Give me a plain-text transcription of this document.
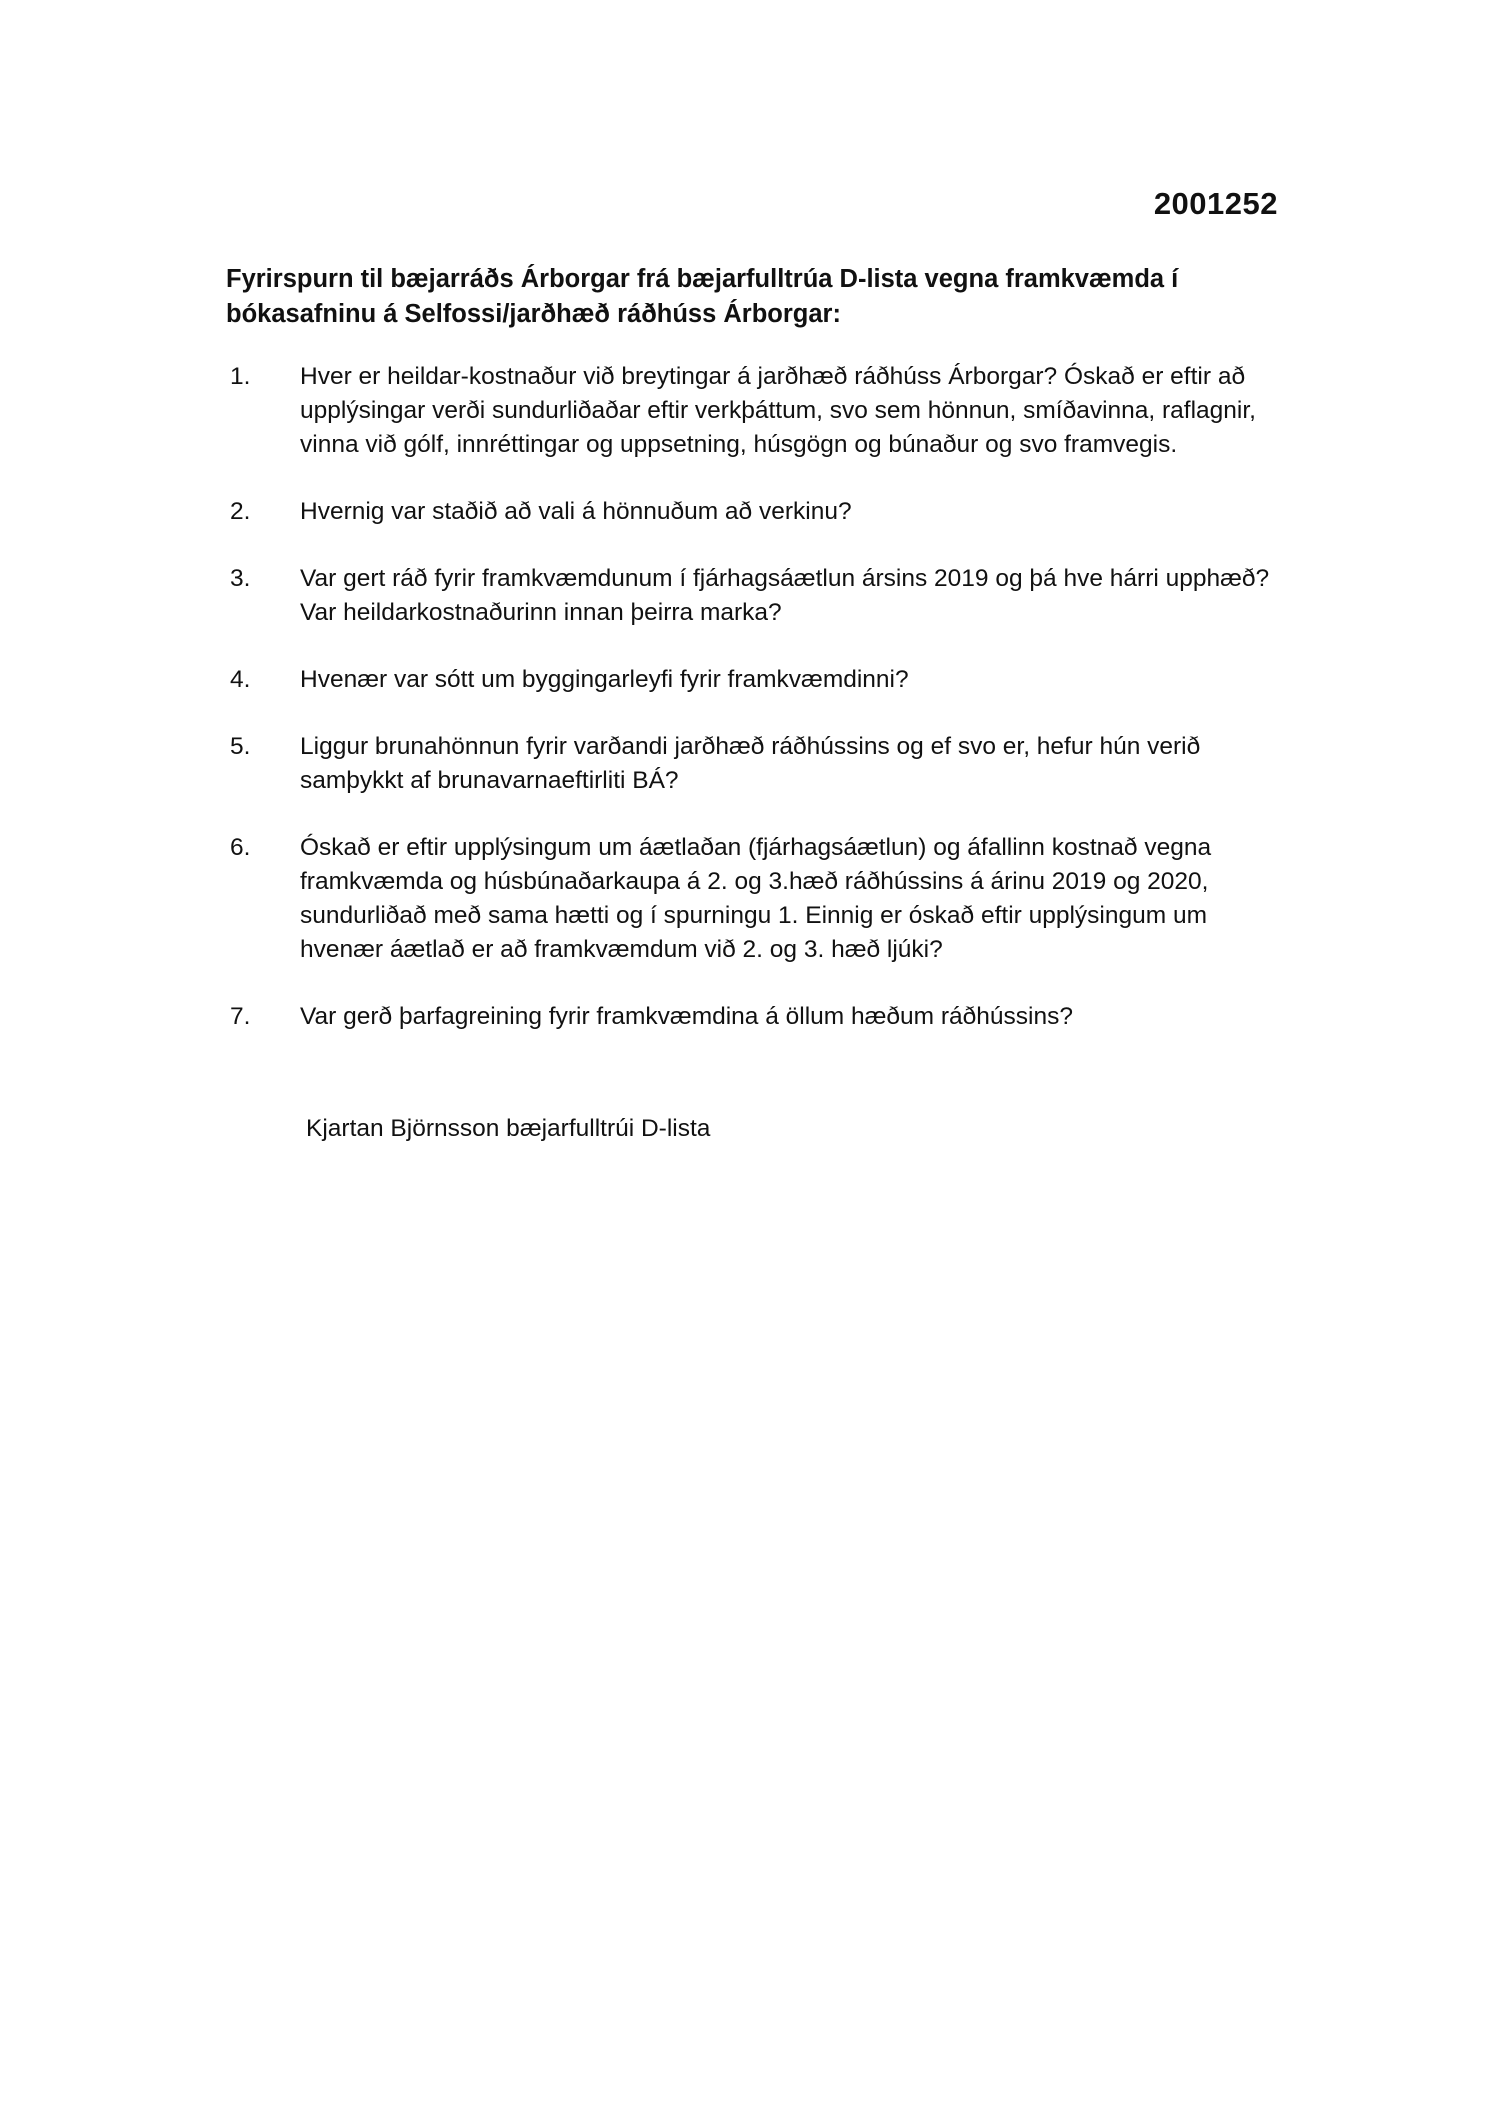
2001252
Fyrirspurn til bæjarráðs Árborgar frá bæjarfulltrúa D-lista vegna framkvæmda í bókasafninu á Selfossi/jarðhæð ráðhúss Árborgar:
1.	Hver er heildar-kostnaður við breytingar á jarðhæð ráðhúss Árborgar? Óskað er eftir að upplýsingar verði sundurliðaðar eftir verkþáttum, svo sem hönnun, smíðavinna, raflagnir, vinna við gólf, innréttingar og uppsetning, húsgögn og búnaður og svo framvegis.
2.	Hvernig var staðið að vali á hönnuðum að verkinu?
3.	Var gert ráð fyrir framkvæmdunum í fjárhagsáætlun ársins 2019 og þá hve hárri upphæð? Var heildarkostnaðurinn innan þeirra marka?
4.	Hvenær var sótt um byggingarleyfi fyrir framkvæmdinni?
5.	Liggur brunahönnun fyrir varðandi jarðhæð ráðhússins og ef svo er, hefur hún verið samþykkt af brunavarnaeftirliti BÁ?
6.	Óskað er eftir upplýsingum um áætlaðan (fjárhagsáætlun) og áfallinn kostnað vegna framkvæmda og húsbúnaðarkaupa á 2. og 3.hæð ráðhússins á árinu 2019 og 2020, sundurliðað með sama hætti og í spurningu 1. Einnig er óskað eftir upplýsingum um hvenær áætlað er að framkvæmdum við 2. og 3. hæð ljúki?
7.	Var gerð þarfagreining fyrir framkvæmdina á öllum hæðum ráðhússins?
Kjartan Björnsson bæjarfulltrúi D-lista
